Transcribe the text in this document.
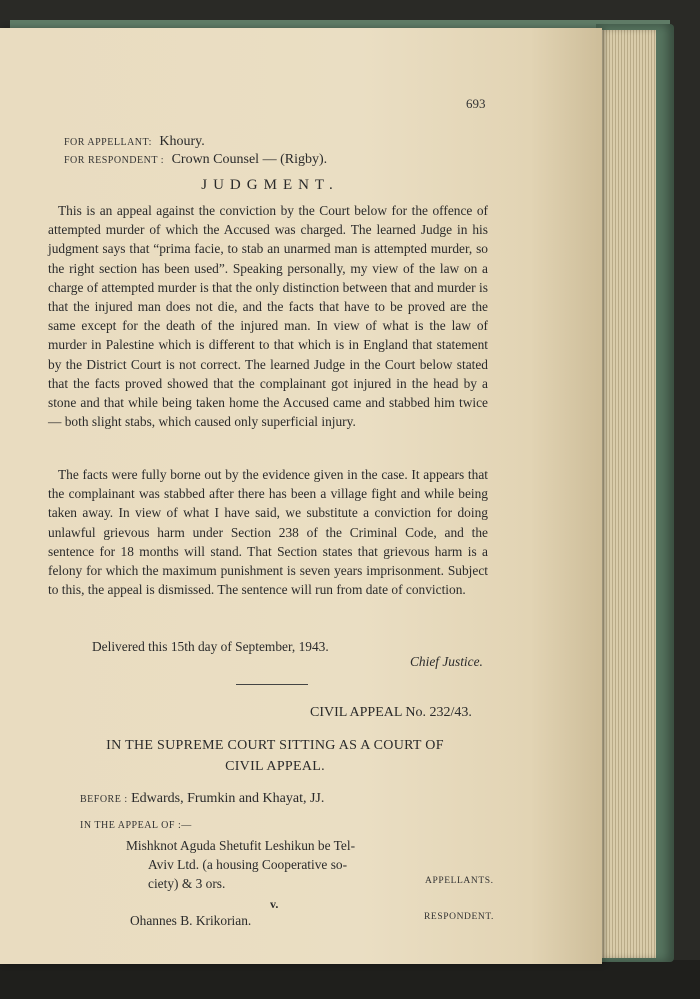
693
FOR APPELLANT: Khoury.
FOR RESPONDENT : Crown Counsel — (Rigby).
JUDGMENT.

This is an appeal against the conviction by the Court below for the offence of attempted murder of which the Accused was charged. The learned Judge in his judgment says that “prima facie, to stab an unarmed man is attempted murder, so the right section has been used”. Speaking personally, my view of the law on a charge of attempted murder is that the only distinction between that and murder is that the injured man does not die, and the facts that have to be proved are the same except for the death of the injured man. In view of what is the law of murder in Palestine which is different to that which is in England that statement by the District Court is not correct. The learned Judge in the Court below stated that the facts proved showed that the complainant got injured in the head by a stone and that while being taken home the Accused came and stabbed him twice — both slight stabs, which caused only superficial injury.

The facts were fully borne out by the evidence given in the case. It appears that the complainant was stabbed after there has been a village fight and while being taken away. In view of what I have said, we substitute a conviction for doing unlawful grievous harm under Section 238 of the Criminal Code, and the sentence for 18 months will stand. That Section states that grievous harm is a felony for which the maximum punishment is seven years imprisonment. Subject to this, the appeal is dismissed. The sentence will run from date of conviction.

Delivered this 15th day of September, 1943.
Chief Justice.
CIVIL APPEAL No. 232/43.
IN THE SUPREME COURT SITTING AS A COURT OF
CIVIL APPEAL.
BEFORE : Edwards, Frumkin and Khayat, JJ.
IN THE APPEAL OF :—
Mishknot Aguda Shetufit Leshikun be Tel-
Aviv Ltd. (a housing Cooperative so-
ciety) & 3 ors.	APPELLANTS.
v.
Ohannes B. Krikorian.	RESPONDENT.
